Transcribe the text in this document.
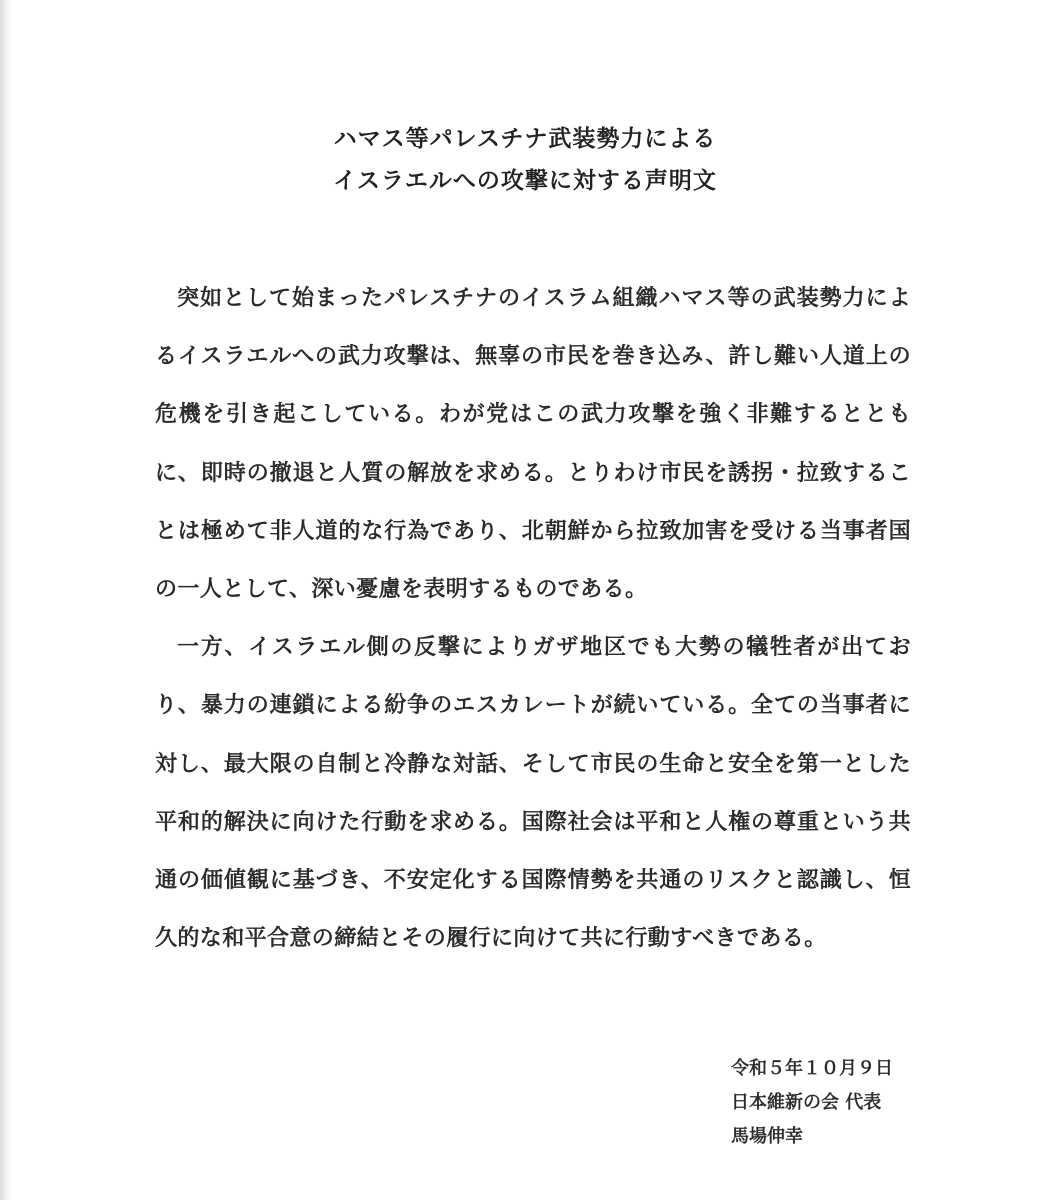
ハマス等パレスチナ武装勢力による
イスラエルへの攻撃に対する声明文

突如として始まったパレスチナのイスラム組織ハマス等の武装勢力によるイスラエルへの武力攻撃は、無辜の市民を巻き込み、許し難い人道上の危機を引き起こしている。わが党はこの武力攻撃を強く非難するとともに、即時の撤退と人質の解放を求める。とりわけ市民を誘拐・拉致することは極めて非人道的な行為であり、北朝鮮から拉致加害を受ける当事者国の一人として、深い憂慮を表明するものである。

一方、イスラエル側の反撃によりガザ地区でも大勢の犠牲者が出ており、暴力の連鎖による紛争のエスカレートが続いている。全ての当事者に対し、最大限の自制と冷静な対話、そして市民の生命と安全を第一とした平和的解決に向けた行動を求める。国際社会は平和と人権の尊重という共通の価値観に基づき、不安定化する国際情勢を共通のリスクと認識し、恒久的な和平合意の締結とその履行に向けて共に行動すべきである。

令和５年１０月９日
日本維新の会 代表
馬場伸幸
